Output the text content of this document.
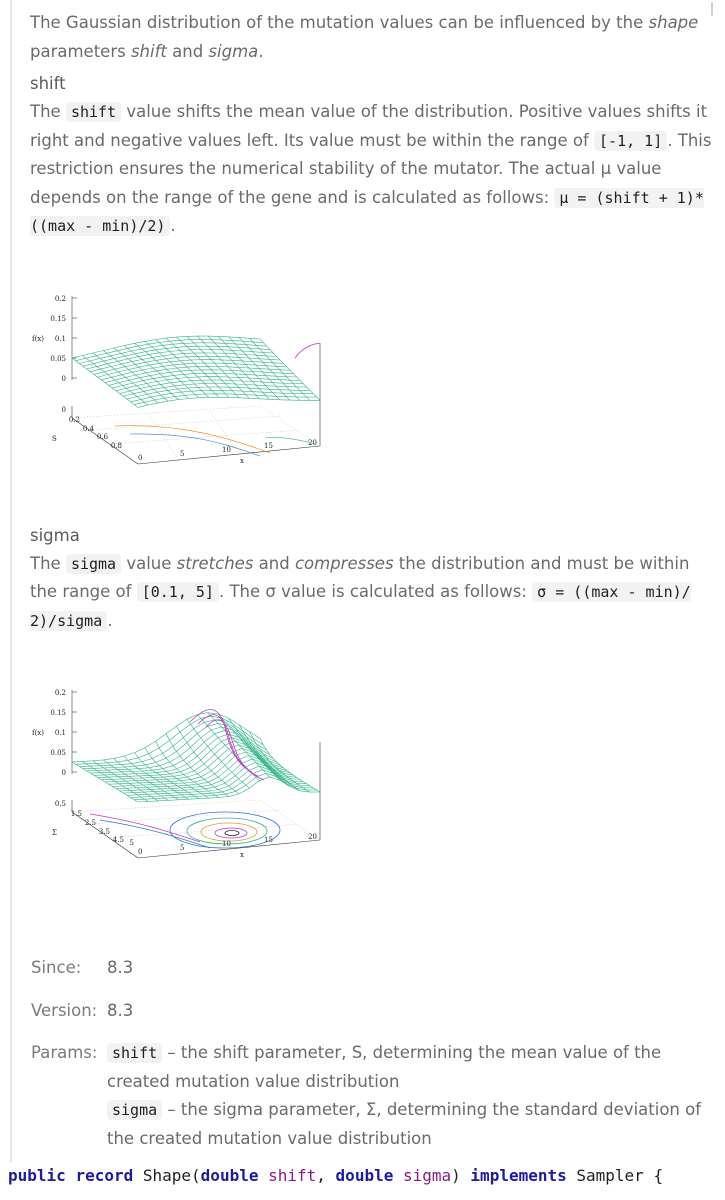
The Gaussian distribution of the mutation values can be influenced by the shape parameters shift and sigma.

shift

The shift value shifts the mean value of the distribution. Positive values shifts it right and negative values left. Its value must be within the range of [-1, 1] . This restriction ensures the numerical stability of the mutator. The actual μ value depends on the range of the gene and is calculated as follows: μ = (shift + 1)* ((max - min)/2) .

0.2
0.15
0.1
0.05
0
f(x)
0
0.2
0.4
0.6
0.8
S
0	5	10	15	20
x
sigma

The sigma value stretches and compresses the distribution and must be within the range of [0.1, 5] . The σ value is calculated as follows: σ = ((max - min)/ 2)/sigma .

0.2
0.15
0.1
0.05
0
f(x)
0.5
1.5
2.5
3.5
4.5 5
Σ
0	5	10	15	20
x
Since:	8.3
Version: 8.3
Params: shift – the shift parameter, S, determining the mean value of the created mutation value distribution
sigma – the sigma parameter, Σ, determining the standard deviation of the created mutation value distribution
public record Shape(double shift, double sigma) implements Sampler {
